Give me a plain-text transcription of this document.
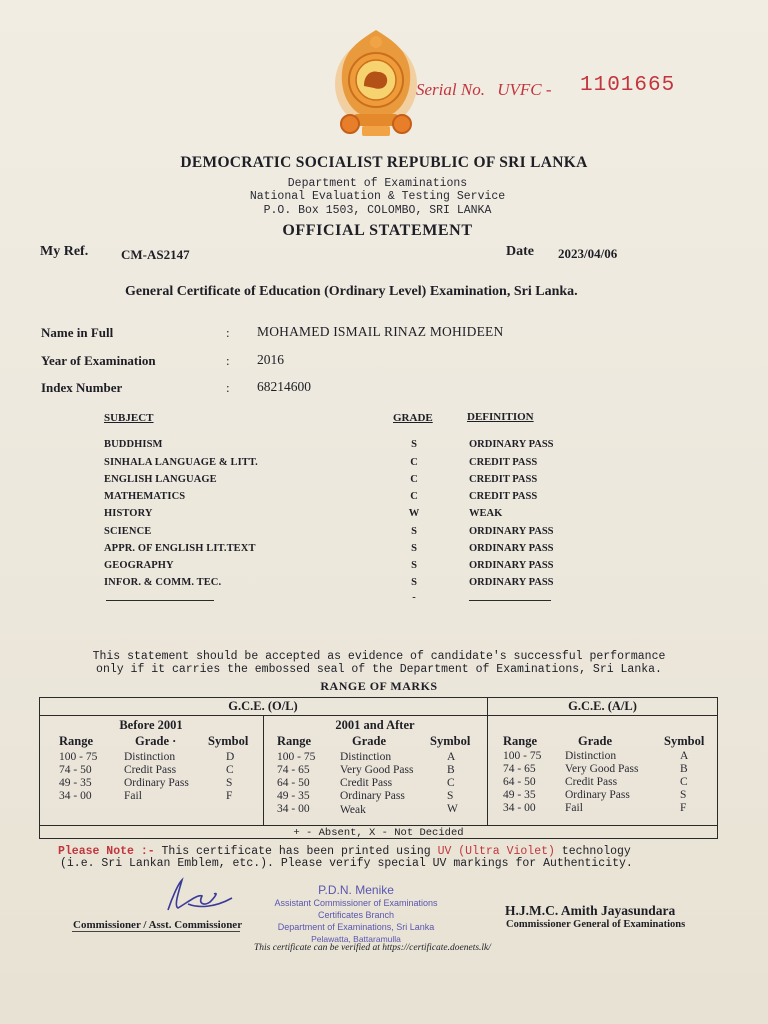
Serial No. UVFC - 1101665
DEMOCRATIC SOCIALIST REPUBLIC OF SRI LANKA
Department of Examinations
National Evaluation & Testing Service
P.O. Box 1503, COLOMBO, SRI LANKA
OFFICIAL STATEMENT
My Ref.	CM-AS2147	Date 2023/04/06
General Certificate of Education (Ordinary Level) Examination, Sri Lanka.
Name in Full	: MOHAMED ISMAIL RINAZ MOHIDEEN
Year of Examination	: 2016
Index Number	: 68214600
SUBJECT	GRADE	DEFINITION
BUDDHISM	S	ORDINARY PASS
SINHALA LANGUAGE & LITT.	C	CREDIT PASS
ENGLISH LANGUAGE	C	CREDIT PASS
MATHEMATICS	C	CREDIT PASS
HISTORY	W	WEAK
SCIENCE	S	ORDINARY PASS
APPR. OF ENGLISH LIT.TEXT	S	ORDINARY PASS
GEOGRAPHY	S	ORDINARY PASS
INFOR. & COMM. TEC.	S	ORDINARY PASS
-
This statement should be accepted as evidence of candidate's successful performance
only if it carries the embossed seal of the Department of Examinations, Sri Lanka.
RANGE OF MARKS
G.C.E. (O/L)	G.C.E. (A/L)
Before 2001	2001 and After
Range	Grade ·	Symbol
100 - 75 Distinction	D
74 - 50	Credit Pass	C
49 - 35	Ordinary Pass	S
34 - 00	Fail	F
Range	Grade	Symbol
100 - 75 Distinction	A
74 - 65	Very Good Pass	B
64 - 50	Credit Pass	C
49 - 35	Ordinary Pass	S
34 - 00	Weak	W
Range	Grade	Symbol
100 - 75 Distinction	A
74 - 65	Very Good Pass	B
64 - 50	Credit Pass	C
49 - 35	Ordinary Pass	S
34 - 00	Fail	F
+ - Absent, X - Not Decided
Please Note :- This certificate has been printed using UV (Ultra Violet) technology
(i.e. Sri Lankan Emblem, etc.). Please verify special UV markings for Authenticity.
Commissioner / Asst. Commissioner
P.D.N. Menike
Assistant Commissioner of Examinations
Certificates Branch
Department of Examinations, Sri Lanka
Pelawatta, Battaramulla
H.J.M.C. Amith Jayasundara
Commissioner General of Examinations
This certificate can be verified at https://certificate.doenets.lk/
